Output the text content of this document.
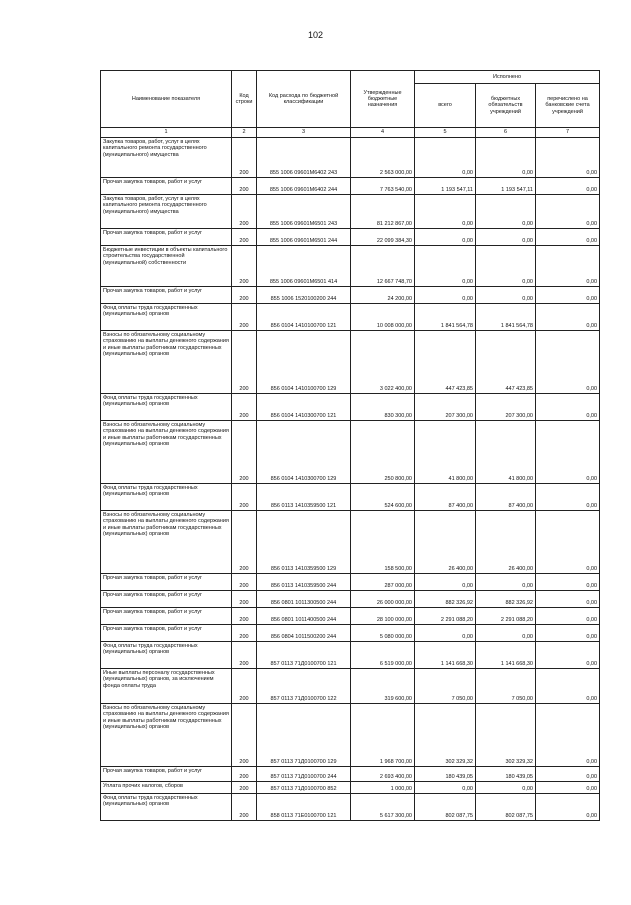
102
Наименование показателя	Код строки	Код расхода по бюджетной классификации	Утвержденные бюджетные назначения	Исполнено		
				всего	бюджетных обязательств учреждений	перечислено на банковские счета учреждений
1	2	3	4	5	6	7
Закупка товаров, работ, услуг в целях капитального ремонта государственного (муниципального) имущества	200	855 1006 09601М6402 243	2 563 000,00	0,00	0,00	0,00
Прочая закупка товаров, работ и услуг	200	855 1006 09601М6402 244	7 763 540,00	1 193 547,11	1 193 547,11	0,00
Закупка товаров, работ, услуг в целях капитального ремонта государственного (муниципального) имущества	200	855 1006 09601М6501 243	81 212 867,00	0,00	0,00	0,00
Прочая закупка товаров, работ и услуг	200	855 1006 09601М6501 244	22 099 384,30	0,00	0,00	0,00
Бюджетные инвестиции в объекты капитального строительства государственной (муниципальной) собственности	200	855 1006 09601М6501 414	12 667 748,70	0,00	0,00	0,00
Прочая закупка товаров, работ и услуг	200	855 1006 1520100200 244	24 200,00	0,00	0,00	0,00
Фонд оплаты труда государственных (муниципальных) органов	200	856 0104 1410100700 121	10 008 000,00	1 841 564,78	1 841 564,78	0,00
Взносы по обязательному социальному страхованию на выплаты денежного содержания и иные выплаты работникам государственных (муниципальных) органов	200	856 0104 1410100700 129	3 022 400,00	447 423,85	447 423,85	0,00
Фонд оплаты труда государственных (муниципальных) органов	200	856 0104 1410300700 121	830 300,00	207 300,00	207 300,00	0,00
Взносы по обязательному социальному страхованию на выплаты денежного содержания и иные выплаты работникам государственных (муниципальных) органов	200	856 0104 1410300700 129	250 800,00	41 800,00	41 800,00	0,00
Фонд оплаты труда государственных (муниципальных) органов	200	856 0113 1410359500 121	524 600,00	87 400,00	87 400,00	0,00
Взносы по обязательному социальному страхованию на выплаты денежного содержания и иные выплаты работникам государственных (муниципальных) органов	200	856 0113 1410359500 129	158 500,00	26 400,00	26 400,00	0,00
Прочая закупка товаров, работ и услуг	200	856 0113 1410359500 244	287 000,00	0,00	0,00	0,00
Прочая закупка товаров, работ и услуг	200	856 0801 1011300500 244	26 000 000,00	882 326,92	882 326,92	0,00
Прочая закупка товаров, работ и услуг	200	856 0801 1011400500 244	28 100 000,00	2 291 088,20	2 291 088,20	0,00
Прочая закупка товаров, работ и услуг	200	856 0804 1011500200 244	5 080 000,00	0,00	0,00	0,00
Фонд оплаты труда государственных (муниципальных) органов	200	857 0113 71Д0100700 121	6 519 000,00	1 141 668,30	1 141 668,30	0,00
Иные выплаты персоналу государственных (муниципальных) органов, за исключением фонда оплаты труда	200	857 0113 71Д0100700 122	319 600,00	7 050,00	7 050,00	0,00
Взносы по обязательному социальному страхованию на выплаты денежного содержания и иные выплаты работникам государственных (муниципальных) органов	200	857 0113 71Д0100700 129	1 968 700,00	302 329,32	302 329,32	0,00
Прочая закупка товаров, работ и услуг	200	857 0113 71Д0100700 244	2 693 400,00	180 439,05	180 439,05	0,00
Уплата прочих налогов, сборов	200	857 0113 71Д0100700 852	1 000,00	0,00	0,00	0,00
Фонд оплаты труда государственных (муниципальных) органов	200	858 0113 71Е0100700 121	5 617 300,00	802 087,75	802 087,75	0,00
